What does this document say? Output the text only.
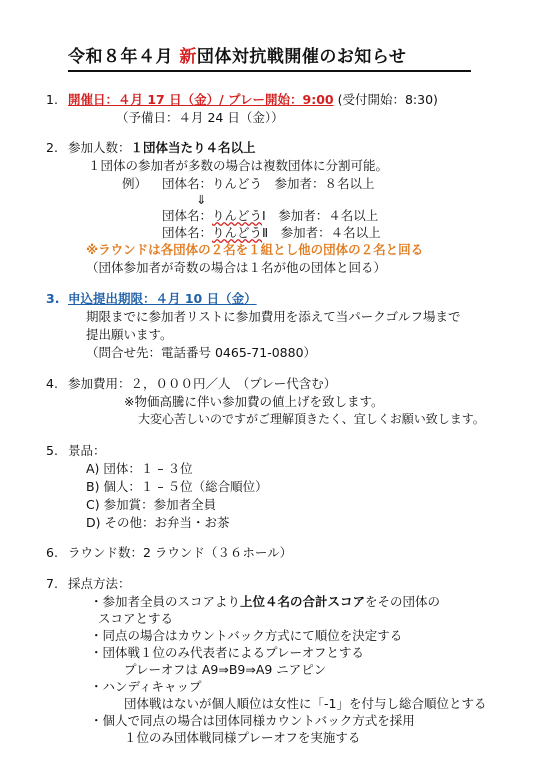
令和８年４月 新団体対抗戦開催のお知らせ
1. 開催日：４月 17 日（金）/ プレー開始：9:00 (受付開始：8:30)
（予備日：４月 24 日（金））
2. 参加人数：１団体当たり４名以上
１団体の参加者が多数の場合は複数団体に分割可能。
例） 団体名：りんどう　参加者：８名以上
⇓
団体名：りんどうⅠ　参加者：４名以上
団体名：りんどうⅡ　参加者：４名以上
※ラウンドは各団体の２名を１組とし他の団体の２名と回る
（団体参加者が奇数の場合は１名が他の団体と回る）
3. 申込提出期限：４月 10 日（金）
期限までに参加者リストに参加費用を添えて当パークゴルフ場まで
提出願います。
（問合せ先：電話番号 0465-71-0880）
4. 参加費用：２，０００円／人　（プレー代含む）
※物価高騰に伴い参加費の値上げを致します。
大変心苦しいのですがご理解頂きたく、宜しくお願い致します。
5. 景品：
A) 団体：１ – ３位
B) 個人：１ – ５位（総合順位）
C) 参加賞：参加者全員
D) その他：お弁当・お茶
6. ラウンド数：2 ラウンド（３６ホール）
7. 採点方法：
・参加者全員のスコアより上位４名の合計スコアをその団体の
スコアとする
・同点の場合はカウントバック方式にて順位を決定する
・団体戦１位のみ代表者によるプレーオフとする
プレーオフは A9⇒B9⇒A9 ニアピン
・ハンディキャップ
団体戦はないが個人順位は女性に「-1」を付与し総合順位とする
・個人で同点の場合は団体同様カウントバック方式を採用
１位のみ団体戦同様プレーオフを実施する
